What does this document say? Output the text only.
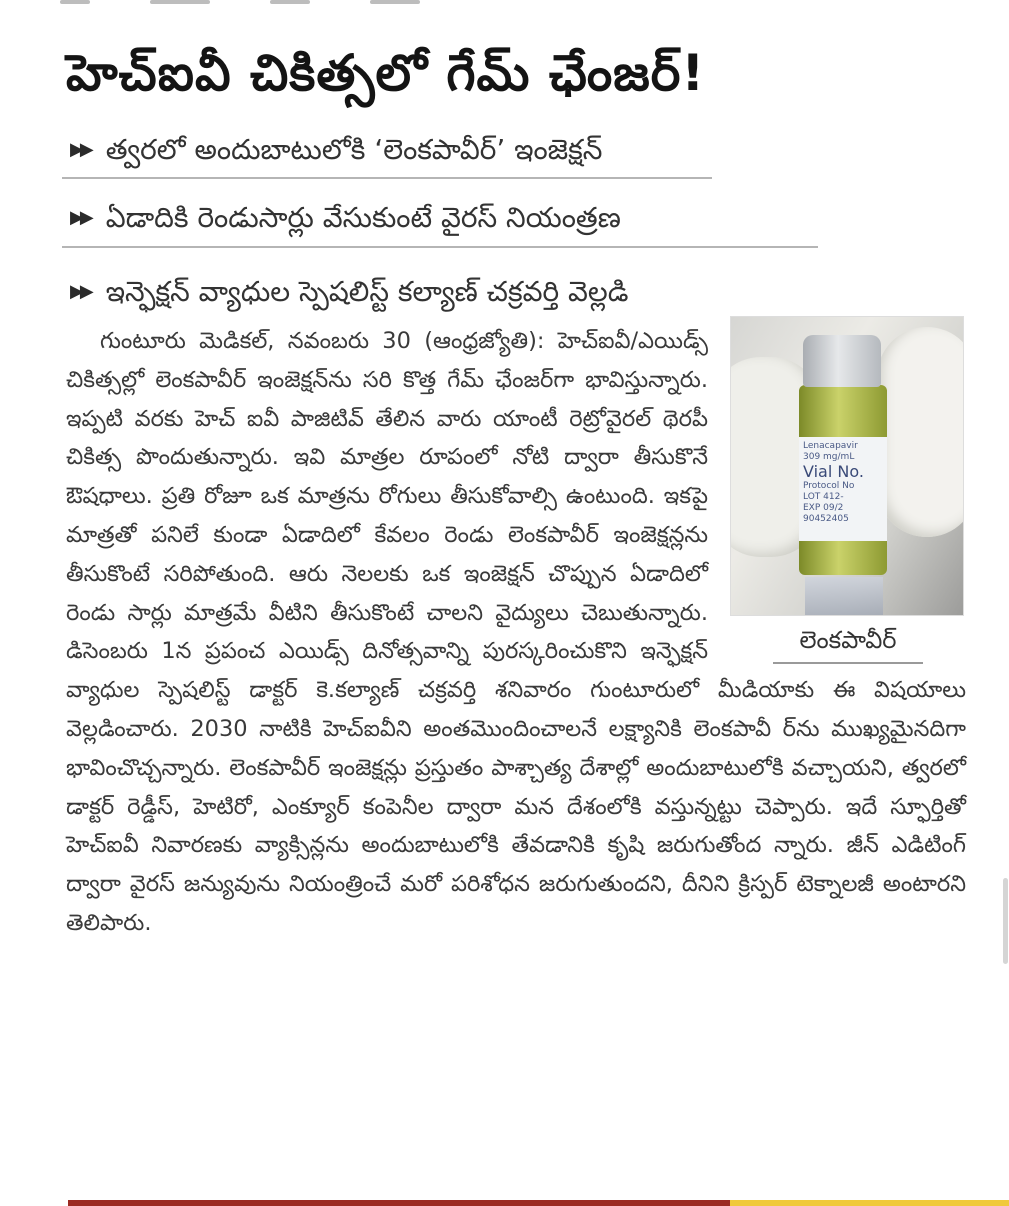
హెచ్ఐవీ చికిత్సలో గేమ్ ఛేంజర్!
▶▶ త్వరలో అందుబాటులోకి ‘లెంకపావీర్’ ఇంజెక్షన్
▶▶ ఏడాదికి రెండుసార్లు వేసుకుంటే వైరస్ నియంత్రణ
▶▶ ఇన్ఫెక్షన్ వ్యాధుల స్పెషలిస్ట్ కల్యాణ్ చక్రవర్తి వెల్లడి
Lenacapavir
309 mg/mL
Vial No.
Protocol No
LOT 412-
EXP 09/2
90452405
లెంకపావీర్
గుంటూరు మెడికల్, నవంబరు 30 (ఆంధ్రజ్యోతి): హెచ్ఐవీ/ఎయిడ్స్ చికిత్సల్లో లెంకపావీర్ ఇంజెక్షన్‌ను సరి కొత్త గేమ్ ఛేంజర్‌గా భావిస్తున్నారు. ఇప్పటి వరకు హెచ్ ఐవీ పాజిటివ్ తేలిన వారు యాంటీ రెట్రోవైరల్ థెరపీ చికిత్స పొందుతున్నారు. ఇవి మాత్రల రూపంలో నోటి ద్వారా తీసుకొనే ఔషధాలు. ప్రతి రోజూ ఒక మాత్రను రోగులు తీసుకోవాల్సి ఉంటుంది. ఇకపై మాత్రతో పనిలే కుండా ఏడాదిలో కేవలం రెండు లెంకపావీర్ ఇంజెక్షన్లను తీసుకొంటే సరిపోతుంది. ఆరు నెలలకు ఒక ఇంజెక్షన్ చొప్పున ఏడాదిలో రెండు సార్లు మాత్రమే వీటిని తీసుకొంటే చాలని వైద్యులు చెబుతున్నారు. డిసెంబరు 1న ప్రపంచ ఎయిడ్స్ దినోత్సవాన్ని పురస్కరించుకొని ఇన్ఫెక్షన్ వ్యాధుల స్పెషలిస్ట్ డాక్టర్ కె.కల్యాణ్ చక్రవర్తి శనివారం గుంటూరులో మీడియాకు ఈ విషయాలు వెల్లడించారు. 2030 నాటికి హెచ్ఐవీని అంతమొందించాలనే లక్ష్యానికి లెంకపావీ ర్‌ను ముఖ్యమైనదిగా భావించొచ్చన్నారు. లెంకపావీర్ ఇంజెక్షన్లు ప్రస్తుతం పాశ్చాత్య దేశాల్లో అందుబాటులోకి వచ్చాయని, త్వరలో డాక్టర్ రెడ్డీస్, హెటిరో, ఎంక్యూర్ కంపెనీల ద్వారా మన దేశంలోకి వస్తున్నట్టు చెప్పారు. ఇదే స్ఫూర్తితో హెచ్ఐవీ నివారణకు వ్యాక్సిన్లను అందుబాటులోకి తేవడానికి కృషి జరుగుతోంద న్నారు. జీన్ ఎడిటింగ్ ద్వారా వైరస్ జన్యువును నియంత్రించే మరో పరిశోధన జరుగుతుందని, దీనిని క్రిస్పర్ టెక్నాలజీ అంటారని తెలిపారు.
